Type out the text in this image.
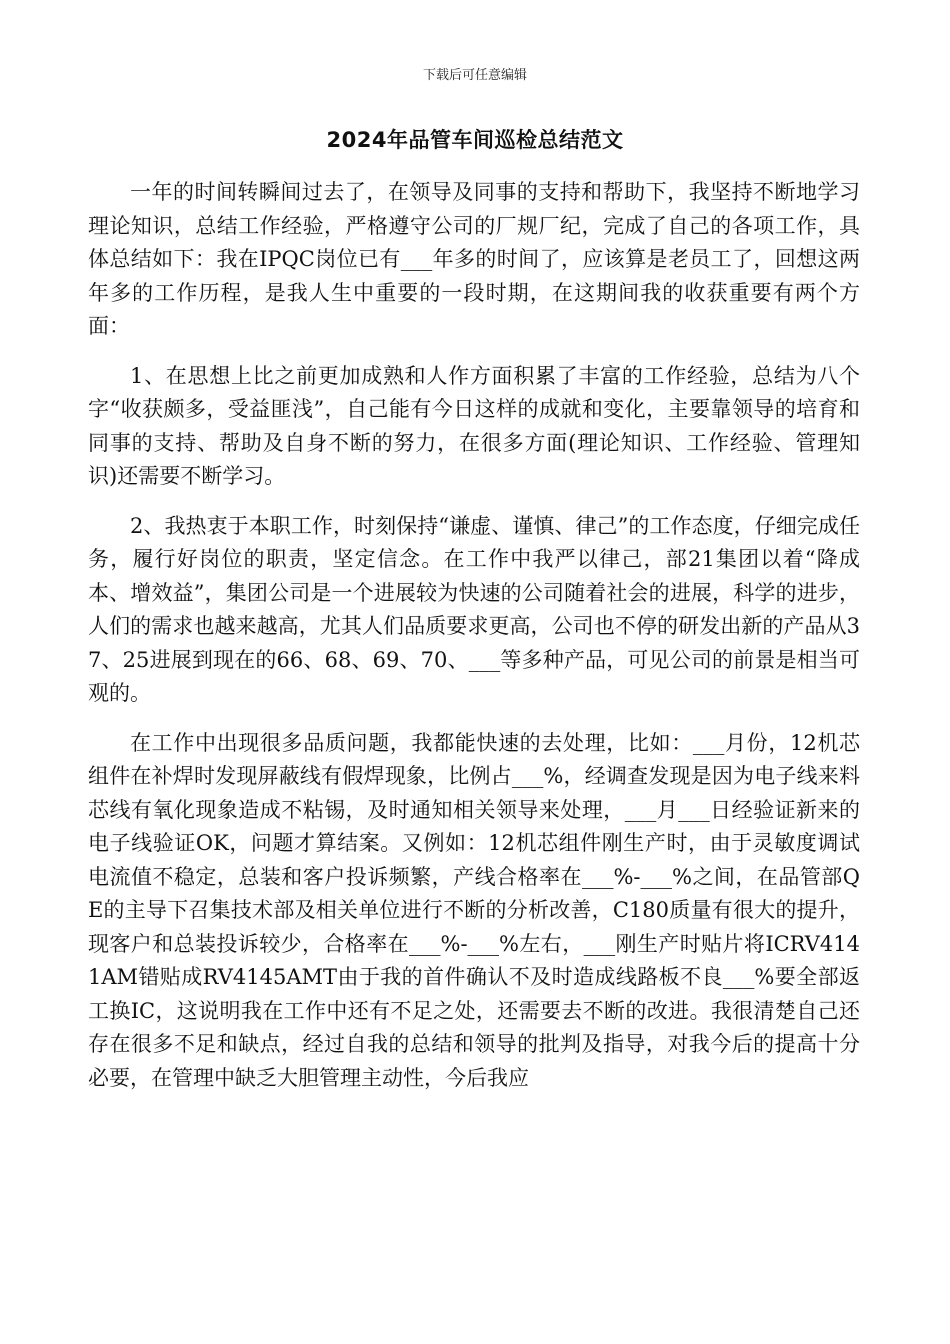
下载后可任意编辑
2024年品管车间巡检总结范文

一年的时间转瞬间过去了，在领导及同事的支持和帮助下，我坚持不断地学习理论知识，总结工作经验，严格遵守公司的厂规厂纪，完成了自己的各项工作，具体总结如下：我在IPQC岗位已有___年多的时间了，应该算是老员工了，回想这两年多的工作历程，是我人生中重要的一段时期，在这期间我的收获重要有两个方面：

1、在思想上比之前更加成熟和人作方面积累了丰富的工作经验，总结为八个字“收获颇多，受益匪浅”，自己能有今日这样的成就和变化，主要靠领导的培育和同事的支持、帮助及自身不断的努力，在很多方面(理论知识、工作经验、管理知识)还需要不断学习。

2、我热衷于本职工作，时刻保持“谦虚、谨慎、律己”的工作态度，仔细完成任务，履行好岗位的职责，坚定信念。在工作中我严以律己，部21集团以着“降成本、增效益”，集团公司是一个进展较为快速的公司随着社会的进展，科学的进步，人们的需求也越来越高，尤其人们品质要求更高，公司也不停的研发出新的产品从37、25进展到现在的66、68、69、70、___等多种产品，可见公司的前景是相当可观的。

在工作中出现很多品质问题，我都能快速的去处理，比如：___月份，12机芯组件在补焊时发现屏蔽线有假焊现象，比例占___%，经调查发现是因为电子线来料芯线有氧化现象造成不粘锡，及时通知相关领导来处理，___月___日经验证新来的电子线验证OK，问题才算结案。又例如：12机芯组件刚生产时，由于灵敏度调试电流值不稳定，总装和客户投诉频繁，产线合格率在___%-___%之间，在品管部QE的主导下召集技术部及相关单位进行不断的分析改善，C180质量有很大的提升，现客户和总装投诉较少，合格率在___%-___%左右，___刚生产时贴片将ICRV4141AM错贴成RV4145AMT由于我的首件确认不及时造成线路板不良___%要全部返工换IC，这说明我在工作中还有不足之处，还需要去不断的改进。我很清楚自己还存在很多不足和缺点，经过自我的总结和领导的批判及指导，对我今后的提高十分必要，在管理中缺乏大胆管理主动性，今后我应
